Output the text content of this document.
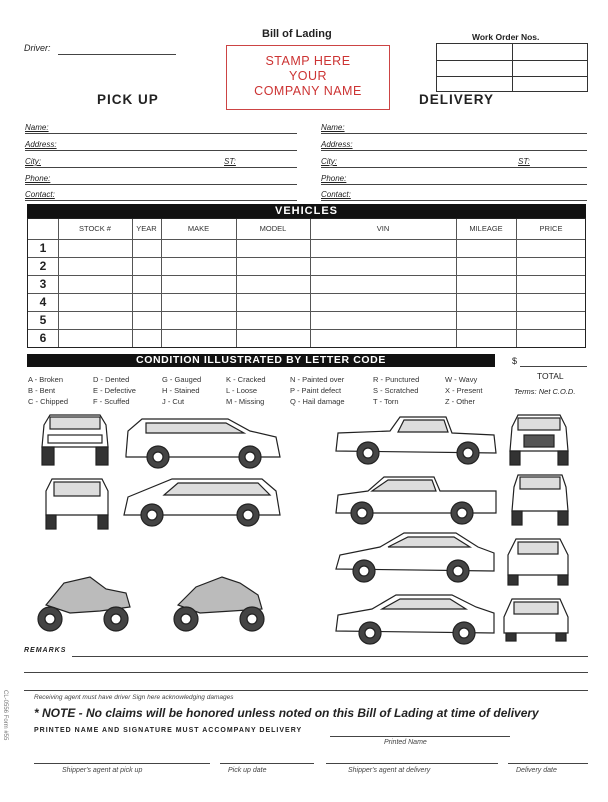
Bill of Lading
Driver:
STAMP HERE
YOUR
COMPANY NAME
Work Order Nos.
PICK UP	DELIVERY
Name:
Address:
City:	ST:
Phone:
Contact:
Name:
Address:
City:	ST:
Phone:
Contact:
VEHICLES
STOCK #	YEAR	MAKE	MODEL	VIN	MILEAGE	PRICE
1
2
3
4
5
6
CONDITION ILLUSTRATED BY LETTER CODE	$
TOTAL
Terms: Net C.O.D.
A - Broken
B - Bent
C - Chipped
D - Dented
E - Defective
F - Scuffed
G - Gauged
H - Stained
J - Cut
K - Cracked
L - Loose
M - Missing
N - Painted over
P - Paint defect
Q - Hail damage
R - Punctured
S - Scratched
T - Torn
W - Wavy
X - Present
Z - Other
REMARKS
Receiving agent must have driver Sign here acknowledging damages
* NOTE - No claims will be honored unless noted on this Bill of Lading at time of delivery
PRINTED NAME AND SIGNATURE MUST ACCOMPANY DELIVERY
Printed Name
Shipper's agent at pick up	Pick up date	Shipper's agent at delivery	Delivery date
CL-0556 Form #55
